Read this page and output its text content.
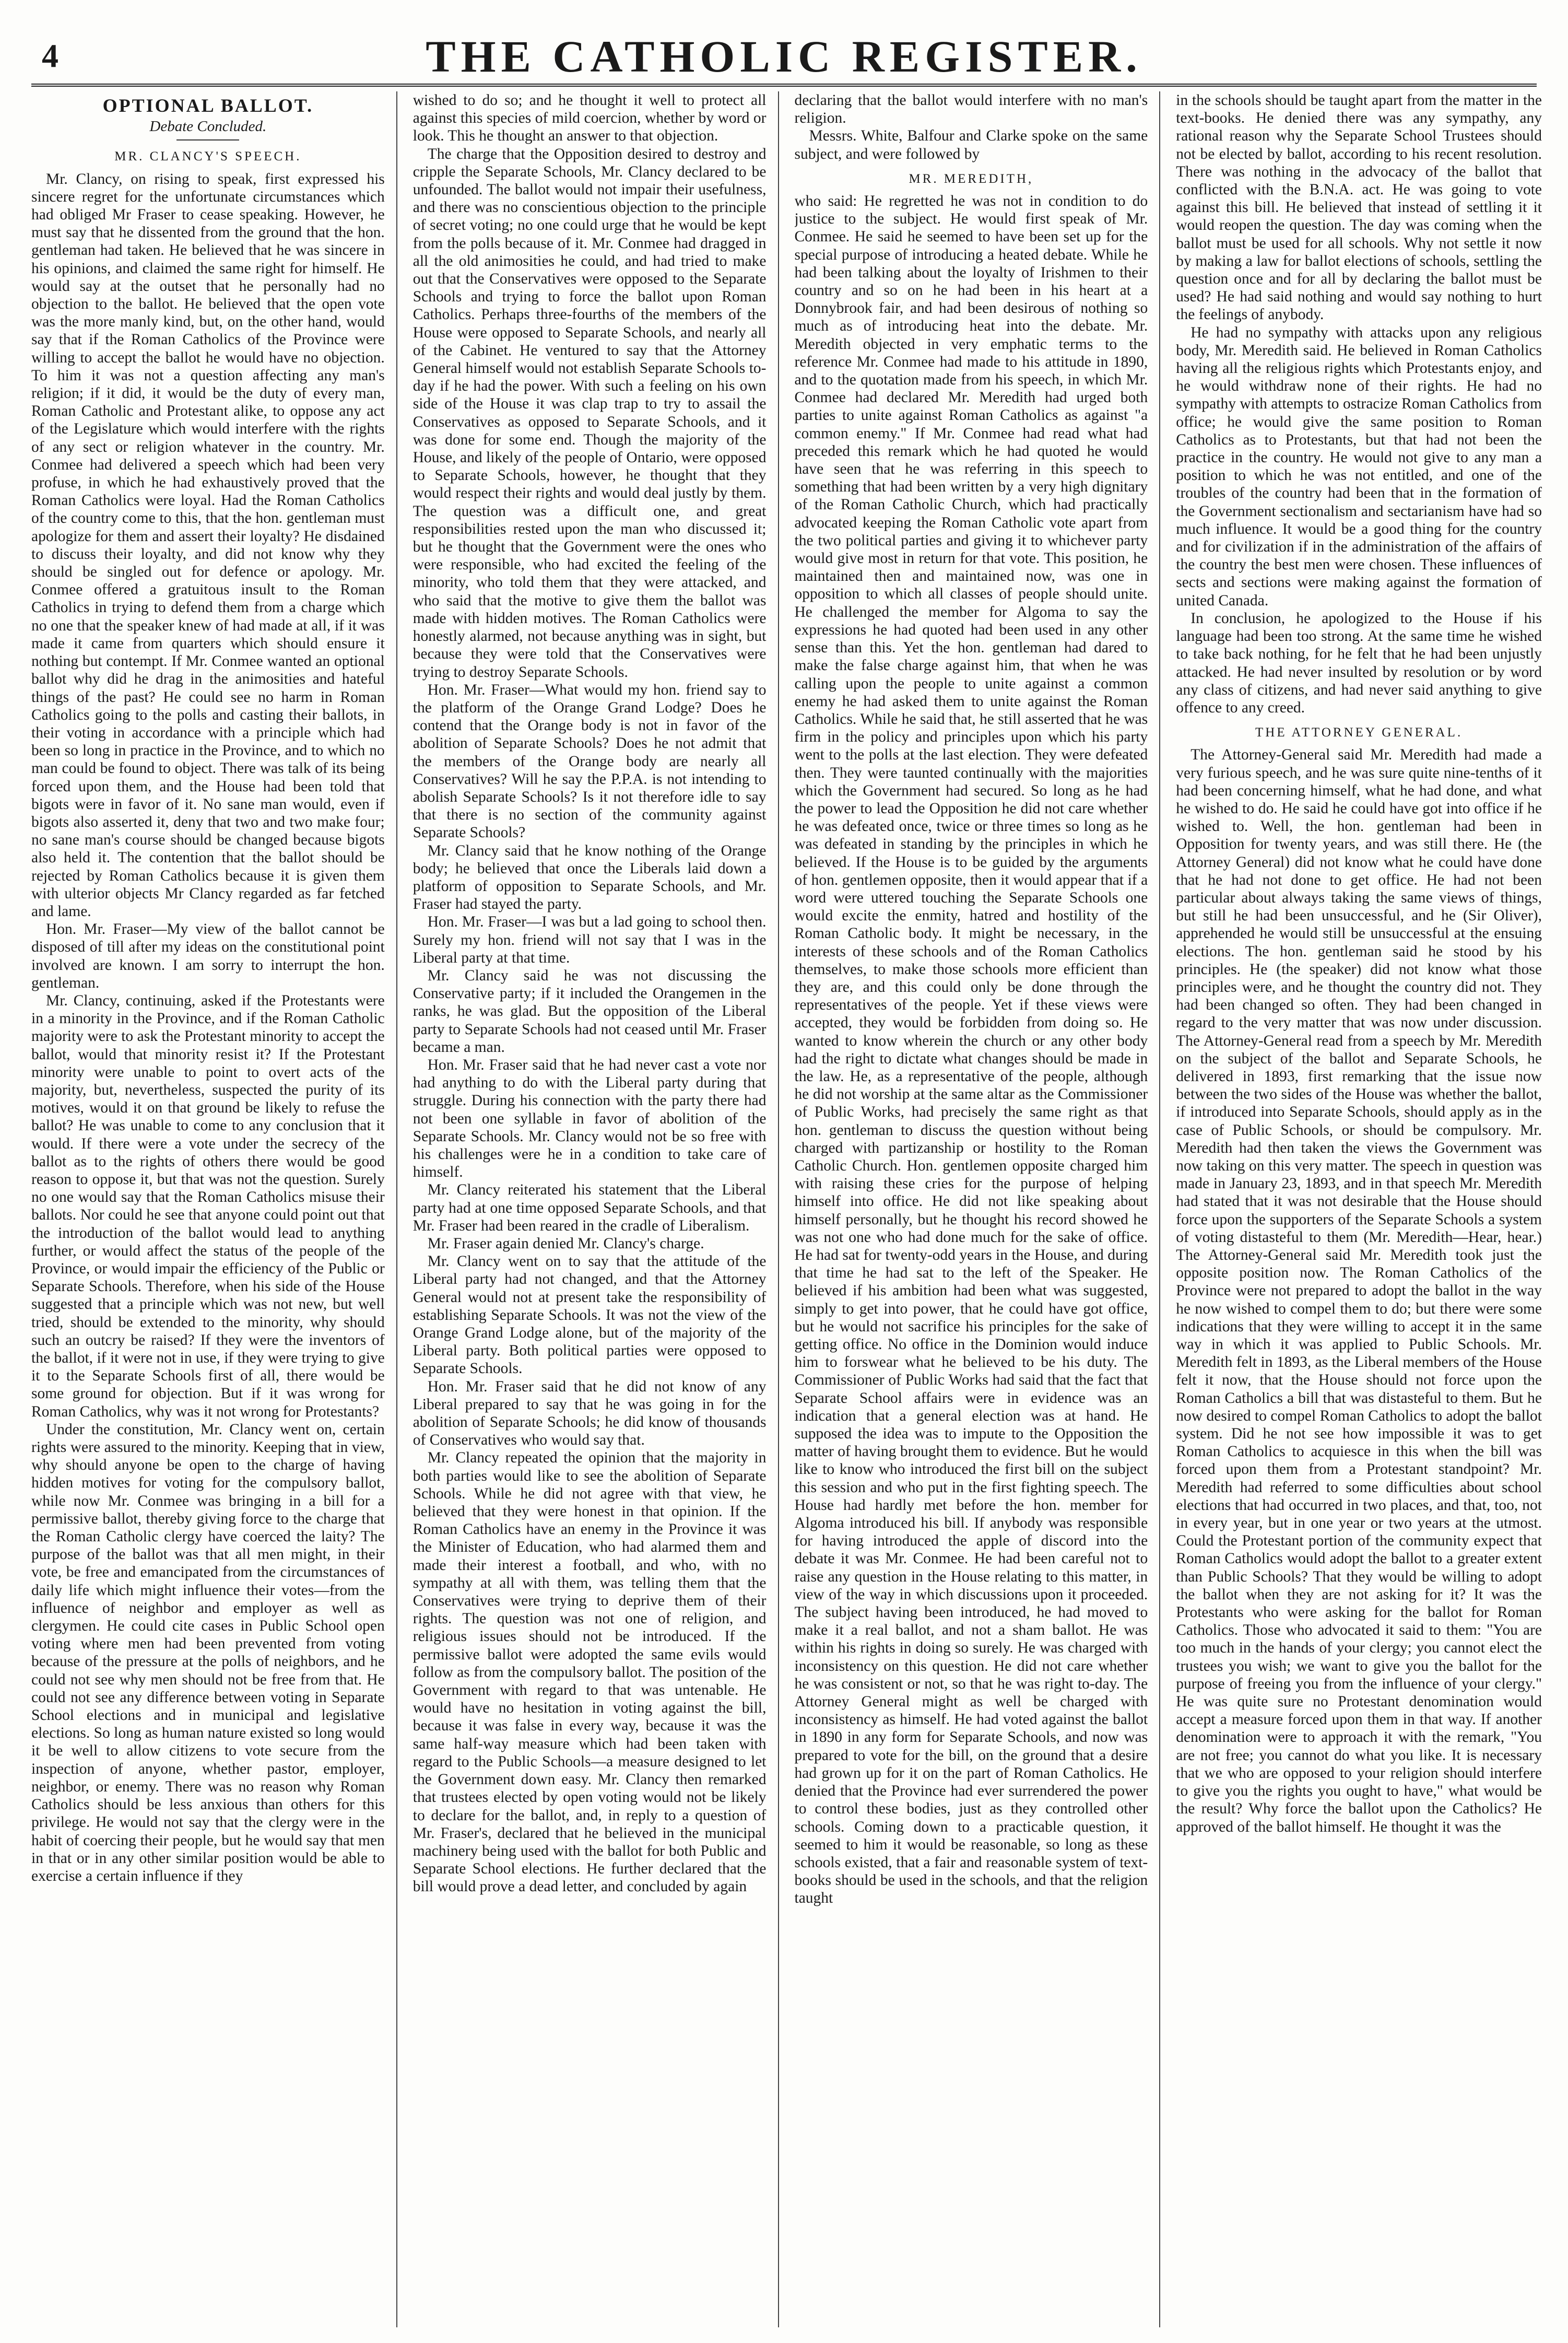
4	THE CATHOLIC REGISTER.
OPTIONAL BALLOT.
Debate Concluded.
MR. CLANCY'S SPEECH.

Mr. Clancy, on rising to speak, first expressed his sincere regret for the unfortunate circumstances which had obliged Mr Fraser to cease speaking. However, he must say that he dissented from the ground that the hon. gentleman had taken. He believed that he was sincere in his opinions, and claimed the same right for himself. He would say at the outset that he personally had no objection to the ballot. He believed that the open vote was the more manly kind, but, on the other hand, would say that if the Roman Catholics of the Province were willing to accept the ballot he would have no objection. To him it was not a question affecting any man's religion; if it did, it would be the duty of every man, Roman Catholic and Protestant alike, to oppose any act of the Legislature which would interfere with the rights of any sect or religion whatever in the country. Mr. Conmee had delivered a speech which had been very profuse, in which he had exhaustively proved that the Roman Catholics were loyal. Had the Roman Catholics of the country come to this, that the hon. gentleman must apologize for them and assert their loyalty? He disdained to discuss their loyalty, and did not know why they should be singled out for defence or apology. Mr. Conmee offered a gratuitous insult to the Roman Catholics in trying to defend them from a charge which no one that the speaker knew of had made at all, if it was made it came from quarters which should ensure it nothing but contempt. If Mr. Conmee wanted an optional ballot why did he drag in the animosities and hateful things of the past? He could see no harm in Roman Catholics going to the polls and casting their ballots, in their voting in accordance with a principle which had been so long in practice in the Province, and to which no man could be found to object. There was talk of its being forced upon them, and the House had been told that bigots were in favor of it. No sane man would, even if bigots also asserted it, deny that two and two make four; no sane man's course should be changed because bigots also held it. The contention that the ballot should be rejected by Roman Catholics because it is given them with ulterior objects Mr Clancy regarded as far fetched and lame.

Hon. Mr. Fraser—My view of the ballot cannot be disposed of till after my ideas on the constitutional point involved are known. I am sorry to interrupt the hon. gentleman.

Mr. Clancy, continuing, asked if the Protestants were in a minority in the Province, and if the Roman Catholic majority were to ask the Protestant minority to accept the ballot, would that minority resist it? If the Protestant minority were unable to point to overt acts of the majority, but, nevertheless, suspected the purity of its motives, would it on that ground be likely to refuse the ballot? He was unable to come to any conclusion that it would. If there were a vote under the secrecy of the ballot as to the rights of others there would be good reason to oppose it, but that was not the question. Surely no one would say that the Roman Catholics misuse their ballots. Nor could he see that anyone could point out that the introduction of the ballot would lead to anything further, or would affect the status of the people of the Province, or would impair the efficiency of the Public or Separate Schools. Therefore, when his side of the House suggested that a principle which was not new, but well tried, should be extended to the minority, why should such an outcry be raised? If they were the inventors of the ballot, if it were not in use, if they were trying to give it to the Separate Schools first of all, there would be some ground for objection. But if it was wrong for Roman Catholics, why was it not wrong for Protestants?

Under the constitution, Mr. Clancy went on, certain rights were assured to the minority. Keeping that in view, why should anyone be open to the charge of having hidden motives for voting for the compulsory ballot, while now Mr. Conmee was bringing in a bill for a permissive ballot, thereby giving force to the charge that the Roman Catholic clergy have coerced the laity? The purpose of the ballot was that all men might, in their vote, be free and emancipated from the circumstances of daily life which might influence their votes—from the influence of neighbor and employer as well as clergymen. He could cite cases in Public School open voting where men had been prevented from voting because of the pressure at the polls of neighbors, and he could not see why men should not be free from that. He could not see any difference between voting in Separate School elections and in municipal and legislative elections. So long as human nature existed so long would it be well to allow citizens to vote secure from the inspection of anyone, whether pastor, employer, neighbor, or enemy. There was no reason why Roman Catholics should be less anxious than others for this privilege. He would not say that the clergy were in the habit of coercing their people, but he would say that men in that or in any other similar position would be able to exercise a certain influence if they

wished to do so; and he thought it well to protect all against this species of mild coercion, whether by word or look. This he thought an answer to that objection.

The charge that the Opposition desired to destroy and cripple the Separate Schools, Mr. Clancy declared to be unfounded. The ballot would not impair their usefulness, and there was no conscientious objection to the principle of secret voting; no one could urge that he would be kept from the polls because of it. Mr. Conmee had dragged in all the old animosities he could, and had tried to make out that the Conservatives were opposed to the Separate Schools and trying to force the ballot upon Roman Catholics. Perhaps three-fourths of the members of the House were opposed to Separate Schools, and nearly all of the Cabinet. He ventured to say that the Attorney General himself would not establish Separate Schools to-day if he had the power. With such a feeling on his own side of the House it was clap trap to try to assail the Conservatives as opposed to Separate Schools, and it was done for some end. Though the majority of the House, and likely of the people of Ontario, were opposed to Separate Schools, however, he thought that they would respect their rights and would deal justly by them. The question was a difficult one, and great responsibilities rested upon the man who discussed it; but he thought that the Government were the ones who were responsible, who had excited the feeling of the minority, who told them that they were attacked, and who said that the motive to give them the ballot was made with hidden motives. The Roman Catholics were honestly alarmed, not because anything was in sight, but because they were told that the Conservatives were trying to destroy Separate Schools.

Hon. Mr. Fraser—What would my hon. friend say to the platform of the Orange Grand Lodge? Does he contend that the Orange body is not in favor of the abolition of Separate Schools? Does he not admit that the members of the Orange body are nearly all Conservatives? Will he say the P.P.A. is not intending to abolish Separate Schools? Is it not therefore idle to say that there is no section of the community against Separate Schools?

Mr. Clancy said that he know nothing of the Orange body; he believed that once the Liberals laid down a platform of opposition to Separate Schools, and Mr. Fraser had stayed the party.

Hon. Mr. Fraser—I was but a lad going to school then. Surely my hon. friend will not say that I was in the Liberal party at that time.

Mr. Clancy said he was not discussing the Conservative party; if it included the Orangemen in the ranks, he was glad. But the opposition of the Liberal party to Separate Schools had not ceased until Mr. Fraser became a man.

Hon. Mr. Fraser said that he had never cast a vote nor had anything to do with the Liberal party during that struggle. During his connection with the party there had not been one syllable in favor of abolition of the Separate Schools. Mr. Clancy would not be so free with his challenges were he in a condition to take care of himself.

Mr. Clancy reiterated his statement that the Liberal party had at one time opposed Separate Schools, and that Mr. Fraser had been reared in the cradle of Liberalism.

Mr. Fraser again denied Mr. Clancy's charge.

Mr. Clancy went on to say that the attitude of the Liberal party had not changed, and that the Attorney General would not at present take the responsibility of establishing Separate Schools. It was not the view of the Orange Grand Lodge alone, but of the majority of the Liberal party. Both political parties were opposed to Separate Schools.

Hon. Mr. Fraser said that he did not know of any Liberal prepared to say that he was going in for the abolition of Separate Schools; he did know of thousands of Conservatives who would say that.

Mr. Clancy repeated the opinion that the majority in both parties would like to see the abolition of Separate Schools. While he did not agree with that view, he believed that they were honest in that opinion. If the Roman Catholics have an enemy in the Province it was the Minister of Education, who had alarmed them and made their interest a football, and who, with no sympathy at all with them, was telling them that the Conservatives were trying to deprive them of their rights. The question was not one of religion, and religious issues should not be introduced. If the permissive ballot were adopted the same evils would follow as from the compulsory ballot. The position of the Government with regard to that was untenable. He would have no hesitation in voting against the bill, because it was false in every way, because it was the same half-way measure which had been taken with regard to the Public Schools—a measure designed to let the Government down easy. Mr. Clancy then remarked that trustees elected by open voting would not be likely to declare for the ballot, and, in reply to a question of Mr. Fraser's, declared that he believed in the municipal machinery being used with the ballot for both Public and Separate School elections. He further declared that the bill would prove a dead letter, and concluded by again

declaring that the ballot would interfere with no man's religion.

Messrs. White, Balfour and Clarke spoke on the same subject, and were followed by

MR. MEREDITH,

who said: He regretted he was not in condition to do justice to the subject. He would first speak of Mr. Conmee. He said he seemed to have been set up for the special purpose of introducing a heated debate. While he had been talking about the loyalty of Irishmen to their country and so on he had been in his heart at a Donnybrook fair, and had been desirous of nothing so much as of introducing heat into the debate. Mr. Meredith objected in very emphatic terms to the reference Mr. Conmee had made to his attitude in 1890, and to the quotation made from his speech, in which Mr. Conmee had declared Mr. Meredith had urged both parties to unite against Roman Catholics as against "a common enemy." If Mr. Conmee had read what had preceded this remark which he had quoted he would have seen that he was referring in this speech to something that had been written by a very high dignitary of the Roman Catholic Church, which had practically advocated keeping the Roman Catholic vote apart from the two political parties and giving it to whichever party would give most in return for that vote. This position, he maintained then and maintained now, was one in opposition to which all classes of people should unite. He challenged the member for Algoma to say the expressions he had quoted had been used in any other sense than this. Yet the hon. gentleman had dared to make the false charge against him, that when he was calling upon the people to unite against a common enemy he had asked them to unite against the Roman Catholics. While he said that, he still asserted that he was firm in the policy and principles upon which his party went to the polls at the last election. They were defeated then. They were taunted continually with the majorities which the Government had secured. So long as he had the power to lead the Opposition he did not care whether he was defeated once, twice or three times so long as he was defeated in standing by the principles in which he believed. If the House is to be guided by the arguments of hon. gentlemen opposite, then it would appear that if a word were uttered touching the Separate Schools one would excite the enmity, hatred and hostility of the Roman Catholic body. It might be necessary, in the interests of these schools and of the Roman Catholics themselves, to make those schools more efficient than they are, and this could only be done through the representatives of the people. Yet if these views were accepted, they would be forbidden from doing so. He wanted to know wherein the church or any other body had the right to dictate what changes should be made in the law. He, as a representative of the people, although he did not worship at the same altar as the Commissioner of Public Works, had precisely the same right as that hon. gentleman to discuss the question without being charged with partizanship or hostility to the Roman Catholic Church. Hon. gentlemen opposite charged him with raising these cries for the purpose of helping himself into office. He did not like speaking about himself personally, but he thought his record showed he was not one who had done much for the sake of office. He had sat for twenty-odd years in the House, and during that time he had sat to the left of the Speaker. He believed if his ambition had been what was suggested, simply to get into power, that he could have got office, but he would not sacrifice his principles for the sake of getting office. No office in the Dominion would induce him to forswear what he believed to be his duty. The Commissioner of Public Works had said that the fact that Separate School affairs were in evidence was an indication that a general election was at hand. He supposed the idea was to impute to the Opposition the matter of having brought them to evidence. But he would like to know who introduced the first bill on the subject this session and who put in the first fighting speech. The House had hardly met before the hon. member for Algoma introduced his bill. If anybody was responsible for having introduced the apple of discord into the debate it was Mr. Conmee. He had been careful not to raise any question in the House relating to this matter, in view of the way in which discussions upon it proceeded. The subject having been introduced, he had moved to make it a real ballot, and not a sham ballot. He was within his rights in doing so surely. He was charged with inconsistency on this question. He did not care whether he was consistent or not, so that he was right to-day. The Attorney General might as well be charged with inconsistency as himself. He had voted against the ballot in 1890 in any form for Separate Schools, and now was prepared to vote for the bill, on the ground that a desire had grown up for it on the part of Roman Catholics. He denied that the Province had ever surrendered the power to control these bodies, just as they controlled other schools. Coming down to a practicable question, it seemed to him it would be reasonable, so long as these schools existed, that a fair and reasonable system of text-books should be used in the schools, and that the religion taught

in the schools should be taught apart from the matter in the text-books. He denied there was any sympathy, any rational reason why the Separate School Trustees should not be elected by ballot, according to his recent resolution. There was nothing in the advocacy of the ballot that conflicted with the B.N.A. act. He was going to vote against this bill. He believed that instead of settling it it would reopen the question. The day was coming when the ballot must be used for all schools. Why not settle it now by making a law for ballot elections of schools, settling the question once and for all by declaring the ballot must be used? He had said nothing and would say nothing to hurt the feelings of anybody.

He had no sympathy with attacks upon any religious body, Mr. Meredith said. He believed in Roman Catholics having all the religious rights which Protestants enjoy, and he would withdraw none of their rights. He had no sympathy with attempts to ostracize Roman Catholics from office; he would give the same position to Roman Catholics as to Protestants, but that had not been the practice in the country. He would not give to any man a position to which he was not entitled, and one of the troubles of the country had been that in the formation of the Government sectionalism and sectarianism have had so much influence. It would be a good thing for the country and for civilization if in the administration of the affairs of the country the best men were chosen. These influences of sects and sections were making against the formation of united Canada.

In conclusion, he apologized to the House if his language had been too strong. At the same time he wished to take back nothing, for he felt that he had been unjustly attacked. He had never insulted by resolution or by word any class of citizens, and had never said anything to give offence to any creed.

THE ATTORNEY GENERAL.

The Attorney-General said Mr. Meredith had made a very furious speech, and he was sure quite nine-tenths of it had been concerning himself, what he had done, and what he wished to do. He said he could have got into office if he wished to. Well, the hon. gentleman had been in Opposition for twenty years, and was still there. He (the Attorney General) did not know what he could have done that he had not done to get office. He had not been particular about always taking the same views of things, but still he had been unsuccessful, and he (Sir Oliver), apprehended he would still be unsuccessful at the ensuing elections. The hon. gentleman said he stood by his principles. He (the speaker) did not know what those principles were, and he thought the country did not. They had been changed so often. They had been changed in regard to the very matter that was now under discussion. The Attorney-General read from a speech by Mr. Meredith on the subject of the ballot and Separate Schools, he delivered in 1893, first remarking that the issue now between the two sides of the House was whether the ballot, if introduced into Separate Schools, should apply as in the case of Public Schools, or should be compulsory. Mr. Meredith had then taken the views the Government was now taking on this very matter. The speech in question was made in January 23, 1893, and in that speech Mr. Meredith had stated that it was not desirable that the House should force upon the supporters of the Separate Schools a system of voting distasteful to them (Mr. Meredith—Hear, hear.) The Attorney-General said Mr. Meredith took just the opposite position now. The Roman Catholics of the Province were not prepared to adopt the ballot in the way he now wished to compel them to do; but there were some indications that they were willing to accept it in the same way in which it was applied to Public Schools. Mr. Meredith felt in 1893, as the Liberal members of the House felt it now, that the House should not force upon the Roman Catholics a bill that was distasteful to them. But he now desired to compel Roman Catholics to adopt the ballot system. Did he not see how impossible it was to get Roman Catholics to acquiesce in this when the bill was forced upon them from a Protestant standpoint? Mr. Meredith had referred to some difficulties about school elections that had occurred in two places, and that, too, not in every year, but in one year or two years at the utmost. Could the Protestant portion of the community expect that Roman Catholics would adopt the ballot to a greater extent than Public Schools? That they would be willing to adopt the ballot when they are not asking for it? It was the Protestants who were asking for the ballot for Roman Catholics. Those who advocated it said to them: "You are too much in the hands of your clergy; you cannot elect the trustees you wish; we want to give you the ballot for the purpose of freeing you from the influence of your clergy." He was quite sure no Protestant denomination would accept a measure forced upon them in that way. If another denomination were to approach it with the remark, "You are not free; you cannot do what you like. It is necessary that we who are opposed to your religion should interfere to give you the rights you ought to have," what would be the result? Why force the ballot upon the Catholics? He approved of the ballot himself. He thought it was the
